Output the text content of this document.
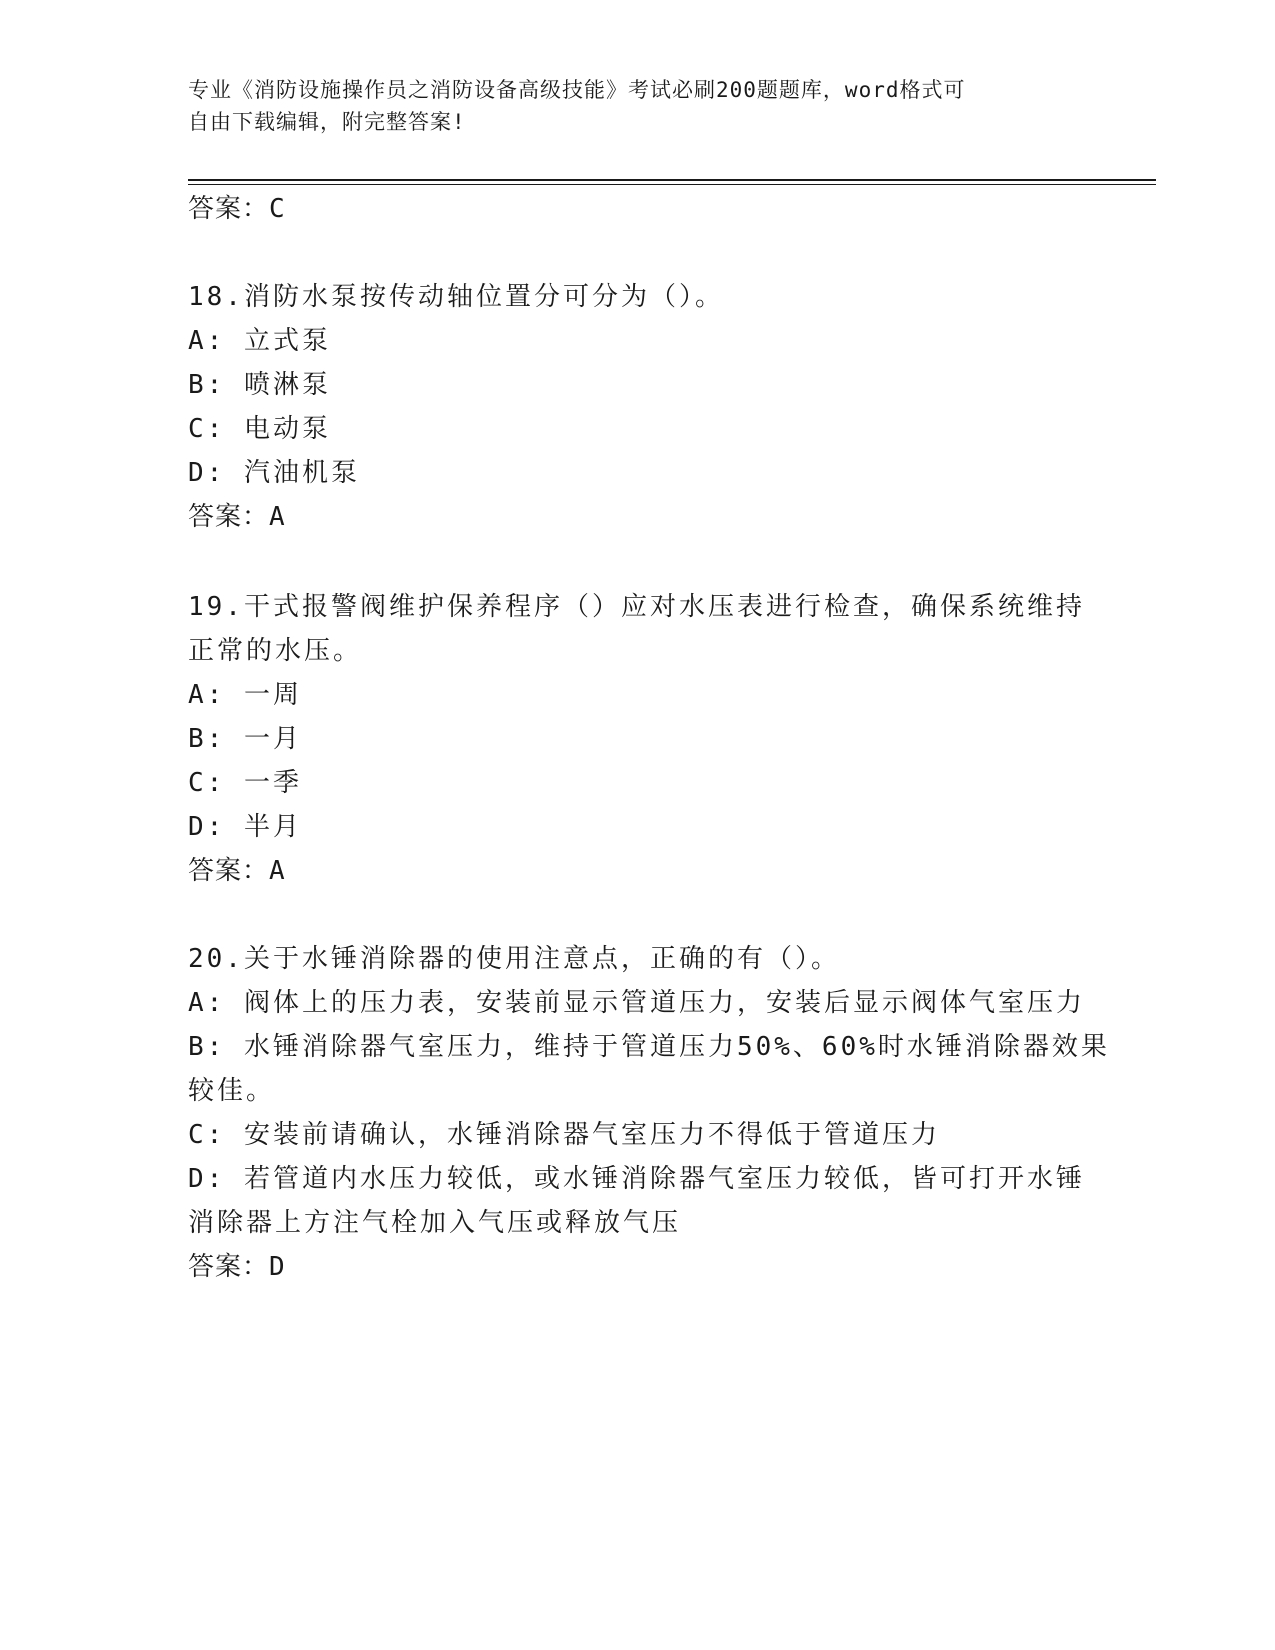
专业《消防设施操作员之消防设备高级技能》考试必刷200题题库，word格式可
自由下载编辑，附完整答案!
答案：C
18.消防水泵按传动轴位置分可分为（）。
A: 立式泵
B: 喷淋泵
C: 电动泵
D: 汽油机泵
答案：A
19.干式报警阀维护保养程序（）应对水压表进行检查，确保系统维持
正常的水压。
A: 一周
B: 一月
C: 一季
D: 半月
答案：A
20.关于水锤消除器的使用注意点，正确的有（）。
A: 阀体上的压力表，安装前显示管道压力，安装后显示阀体气室压力
B: 水锤消除器气室压力，维持于管道压力50%、60%时水锤消除器效果
较佳。
C: 安装前请确认，水锤消除器气室压力不得低于管道压力
D: 若管道内水压力较低，或水锤消除器气室压力较低，皆可打开水锤
消除器上方注气栓加入气压或释放气压
答案：D
